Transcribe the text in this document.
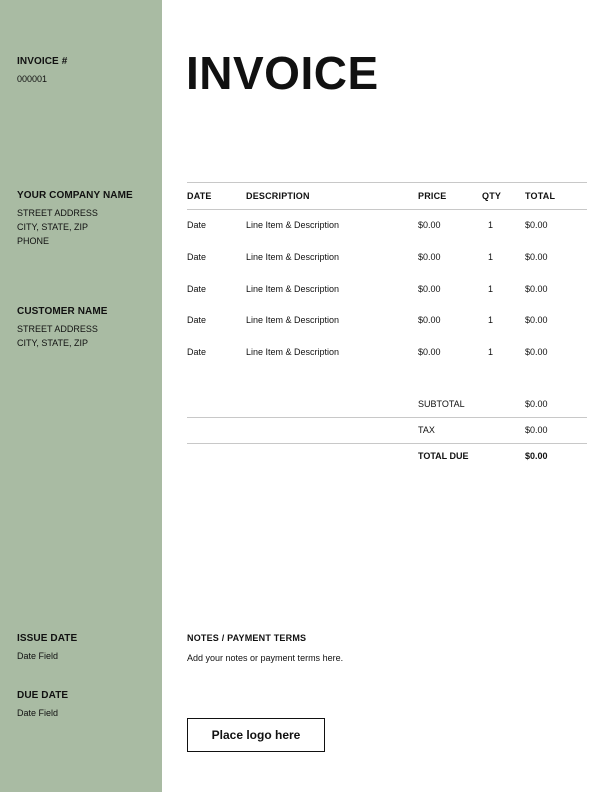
INVOICE #
000001
YOUR COMPANY NAME
STREET ADDRESS
CITY, STATE, ZIP
PHONE
CUSTOMER NAME
STREET ADDRESS
CITY, STATE, ZIP
ISSUE DATE
Date Field
DUE DATE
Date Field
INVOICE
DATE	DESCRIPTION	PRICE	QTY	TOTAL
Date	Line Item & Description	$0.00	1	$0.00
Date	Line Item & Description	$0.00	1	$0.00
Date	Line Item & Description	$0.00	1	$0.00
Date	Line Item & Description	$0.00	1	$0.00
Date	Line Item & Description	$0.00	1	$0.00
SUBTOTAL	$0.00
TAX	$0.00
TOTAL DUE	$0.00
NOTES / PAYMENT TERMS
Add your notes or payment terms here.
Place logo here
